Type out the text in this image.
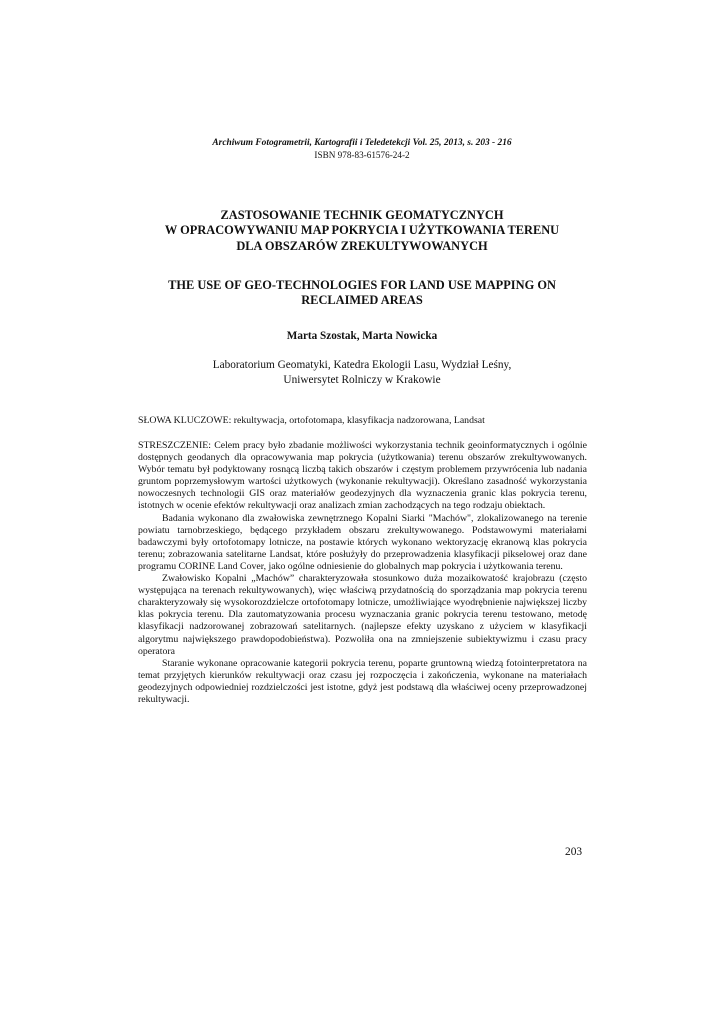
Archiwum Fotogrametrii, Kartografii i Teledetekcji Vol. 25, 2013, s. 203 - 216
ISBN 978-83-61576-24-2
ZASTOSOWANIE TECHNIK GEOMATYCZNYCH
W OPRACOWYWANIU MAP POKRYCIA I UŻYTKOWANIA TERENU
DLA OBSZARÓW ZREKULTYWOWANYCH
THE USE OF GEO-TECHNOLOGIES FOR LAND USE MAPPING ON
RECLAIMED AREAS
Marta Szostak, Marta Nowicka
Laboratorium Geomatyki, Katedra Ekologii Lasu, Wydział Leśny,
Uniwersytet Rolniczy w Krakowie

SŁOWA KLUCZOWE: rekultywacja, ortofotomapa, klasyfikacja nadzorowana, Landsat

STRESZCZENIE: Celem pracy było zbadanie możliwości wykorzystania technik geoinformatycznych i ogólnie dostępnych geodanych dla opracowywania map pokrycia (użytkowania) terenu obszarów zrekultywowanych. Wybór tematu był podyktowany rosnącą liczbą takich obszarów i częstym problemem przywrócenia lub nadania gruntom poprzemysłowym wartości użytkowych (wykonanie rekultywacji). Określano zasadność wykorzystania nowoczesnych technologii GIS oraz materiałów geodezyjnych dla wyznaczenia granic klas pokrycia terenu, istotnych w ocenie efektów rekultywacji oraz analizach zmian zachodzących na tego rodzaju obiektach.

Badania wykonano dla zwałowiska zewnętrznego Kopalni Siarki "Machów", zlokalizowanego na terenie powiatu tarnobrzeskiego, będącego przykładem obszaru zrekultywowanego. Podstawowymi materiałami badawczymi były ortofotomapy lotnicze, na postawie których wykonano wektoryzację ekranową klas pokrycia terenu; zobrazowania satelitarne Landsat, które posłużyły do przeprowadzenia klasyfikacji pikselowej oraz dane programu CORINE Land Cover, jako ogólne odniesienie do globalnych map pokrycia i użytkowania terenu.

Zwałowisko Kopalni „Machów” charakteryzowała stosunkowo duża mozaikowatość krajobrazu (często występująca na terenach rekultywowanych), więc właściwą przydatnością do sporządzania map pokrycia terenu charakteryzowały się wysokorozdzielcze ortofotomapy lotnicze, umożliwiające wyodrębnienie największej liczby klas pokrycia terenu. Dla zautomatyzowania procesu wyznaczania granic pokrycia terenu testowano, metodę klasyfikacji nadzorowanej zobrazowań satelitarnych. (najlepsze efekty uzyskano z użyciem w klasyfikacji algorytmu największego prawdopodobieństwa). Pozwoliła ona na zmniejszenie subiektywizmu i czasu pracy operatora

Staranie wykonane opracowanie kategorii pokrycia terenu, poparte gruntowną wiedzą fotointerpretatora na temat przyjętych kierunków rekultywacji oraz czasu jej rozpoczęcia i zakończenia, wykonane na materiałach geodezyjnych odpowiedniej rozdzielczości jest istotne, gdyż jest podstawą dla właściwej oceny przeprowadzonej rekultywacji.

203
